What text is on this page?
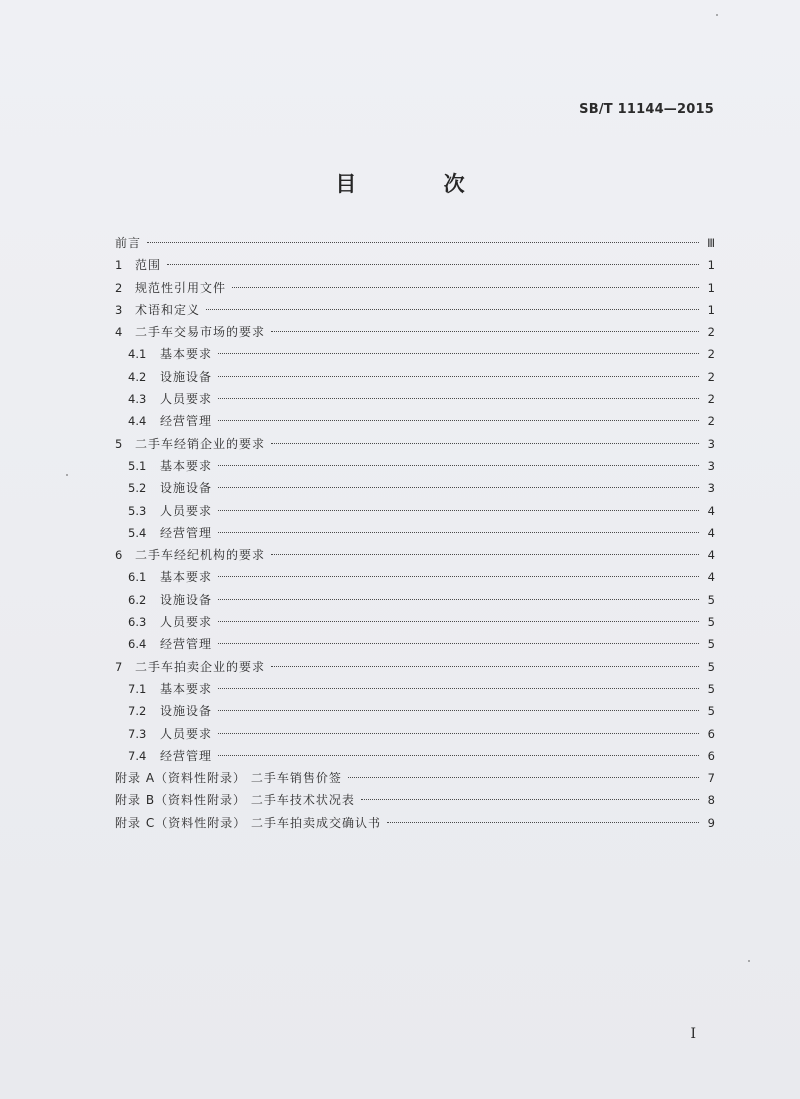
SB/T 11144—2015
目 次
前言	Ⅲ
1	范围	1
2	规范性引用文件	1
3	术语和定义	1
4	二手车交易市场的要求	2
4.1	基本要求	2
4.2	设施设备	2
4.3	人员要求	2
4.4	经营管理	2
5	二手车经销企业的要求	3
5.1	基本要求	3
5.2	设施设备	3
5.3	人员要求	4
5.4	经营管理	4
6	二手车经纪机构的要求	4
6.1	基本要求	4
6.2	设施设备	5
6.3	人员要求	5
6.4	经营管理	5
7	二手车拍卖企业的要求	5
7.1	基本要求	5
7.2	设施设备	5
7.3	人员要求	6
7.4	经营管理	6
附录 A（资料性附录） 二手车销售价签	7
附录 B（资料性附录） 二手车技术状况表	8
附录 C（资料性附录） 二手车拍卖成交确认书	9
I
